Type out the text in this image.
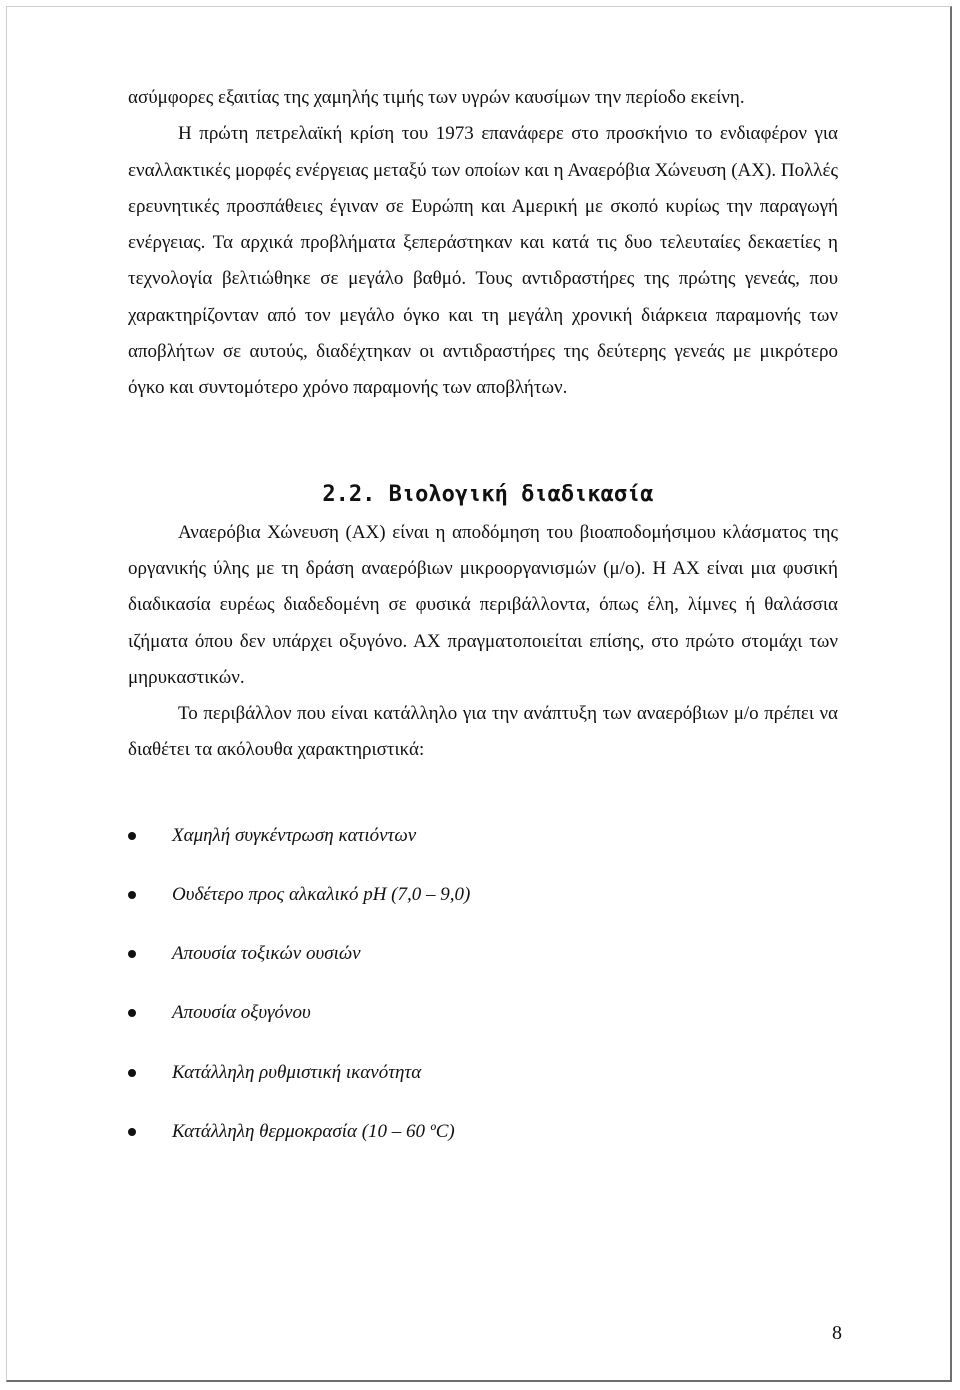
ασύμφορες εξαιτίας της χαμηλής τιμής των υγρών καυσίμων την περίοδο εκείνη.

Η πρώτη πετρελαϊκή κρίση του 1973 επανάφερε στο προσκήνιο το ενδιαφέρον για εναλλακτικές μορφές ενέργειας μεταξύ των οποίων και η Αναερόβια Χώνευση (ΑΧ). Πολλές ερευνητικές προσπάθειες έγιναν σε Ευρώπη και Αμερική με σκοπό κυρίως την παραγωγή ενέργειας. Τα αρχικά προβλήματα ξεπεράστηκαν και κατά τις δυο τελευταίες δεκαετίες η τεχνολογία βελτιώθηκε σε μεγάλο βαθμό. Τους αντιδραστήρες της πρώτης γενεάς, που χαρακτηρίζονταν από τον μεγάλο όγκο και τη μεγάλη χρονική διάρκεια παραμονής των αποβλήτων σε αυτούς, διαδέχτηκαν οι αντιδραστήρες της δεύτερης γενεάς με μικρότερο όγκο και συντομότερο χρόνο παραμονής των αποβλήτων.

2.2. Βιολογική διαδικασία

Αναερόβια Χώνευση (ΑΧ) είναι η αποδόμηση του βιοαποδομήσιμου κλάσματος της οργανικής ύλης με τη δράση αναερόβιων μικροοργανισμών (μ/ο). Η ΑΧ είναι μια φυσική διαδικασία ευρέως διαδεδομένη σε φυσικά περιβάλλοντα, όπως έλη, λίμνες ή θαλάσσια ιζήματα όπου δεν υπάρχει οξυγόνο. ΑΧ πραγματοποιείται επίσης, στο πρώτο στομάχι των μηρυκαστικών.

Το περιβάλλον που είναι κατάλληλο για την ανάπτυξη των αναερόβιων μ/ο πρέπει να διαθέτει τα ακόλουθα χαρακτηριστικά:

Χαμηλή συγκέντρωση κατιόντων
Ουδέτερο προς αλκαλικό pH (7,0 – 9,0)
Απουσία τοξικών ουσιών
Απουσία οξυγόνου
Κατάλληλη ρυθμιστική ικανότητα
Κατάλληλη θερμοκρασία (10 – 60 ºC)
8
